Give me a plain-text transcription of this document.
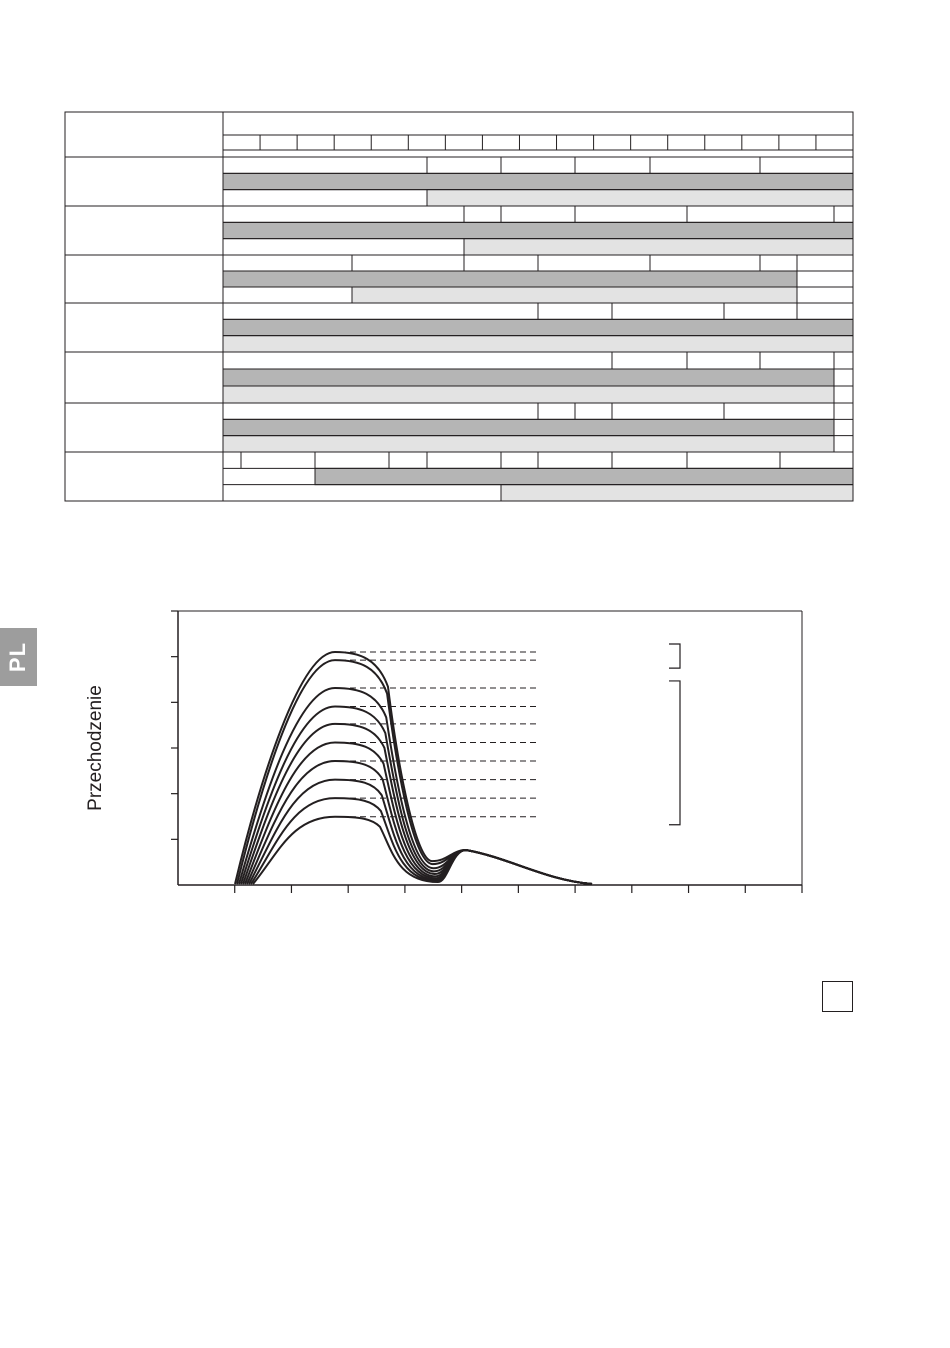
PL
Przechodzenie
